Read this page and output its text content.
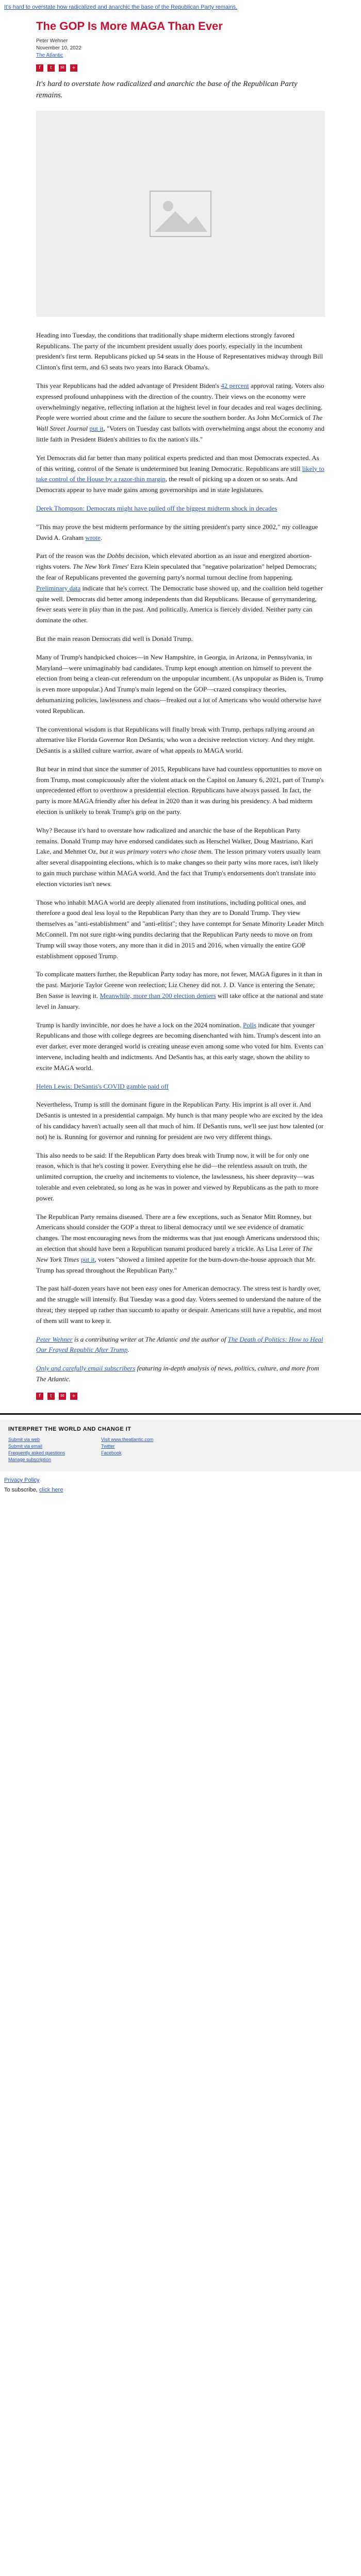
It's hard to overstate how radicalized and anarchic the base of the Republican Party remains.
The GOP Is More MAGA Than Ever
Peter Wehner
November 10, 2022
The Atlantic
f	t	✉	+
It's hard to overstate how radicalized and anarchic the base of the Republican Party remains.

Heading into Tuesday, the conditions that traditionally shape midterm elections strongly favored Republicans. The party of the incumbent president usually does poorly, especially in the incumbent president's first term. Republicans picked up 54 seats in the House of Representatives midway through Bill Clinton's first term, and 63 seats two years into Barack Obama's.

This year Republicans had the added advantage of President Biden's 42 percent approval rating. Voters also expressed profound unhappiness with the direction of the country. Their views on the economy were overwhelmingly negative, reflecting inflation at the highest level in four decades and real wages declining. People were worried about crime and the failure to secure the southern border. As John McCormick of The Wall Street Journal put it, "Voters on Tuesday cast ballots with overwhelming angst about the economy and little faith in President Biden's abilities to fix the nation's ills."

Yet Democrats did far better than many political experts predicted and than most Democrats expected. As of this writing, control of the Senate is undetermined but leaning Democratic. Republicans are still likely to take control of the House by a razor-thin margin, the result of picking up a dozen or so seats. And Democrats appear to have made gains among governorships and in state legislatures.

Derek Thompson: Democrats might have pulled off the biggest midterm shock in decades

"This may prove the best midterm performance by the sitting president's party since 2002," my colleague David A. Graham wrote.

Part of the reason was the Dobbs decision, which elevated abortion as an issue and energized abortion-rights voters. The New York Times' Ezra Klein speculated that "negative polarization" helped Democrats; the fear of Republicans prevented the governing party's normal turnout decline from happening. Preliminary data indicate that he's correct. The Democratic base showed up, and the coalition held together quite well. Democrats did better among independents than did Republicans. Because of gerrymandering, fewer seats were in play than in the past. And politically, America is fiercely divided. Neither party can dominate the other.

But the main reason Democrats did well is Donald Trump.

Many of Trump's handpicked choices—in New Hampshire, in Georgia, in Arizona, in Pennsylvania, in Maryland—were unimaginably bad candidates. Trump kept enough attention on himself to prevent the election from being a clean-cut referendum on the unpopular incumbent. (As unpopular as Biden is, Trump is even more unpopular.) And Trump's main legend on the GOP—crazed conspiracy theories, dehumanizing policies, lawlessness and chaos—freaked out a lot of Americans who would otherwise have voted Republican.

The conventional wisdom is that Republicans will finally break with Trump, perhaps rallying around an alternative like Florida Governor Ron DeSantis, who won a decisive reelection victory. And they might. DeSantis is a skilled culture warrior, aware of what appeals to MAGA world.

But bear in mind that since the summer of 2015, Republicans have had countless opportunities to move on from Trump, most conspicuously after the violent attack on the Capitol on January 6, 2021, part of Trump's unprecedented effort to overthrow a presidential election. Republicans have always passed. In fact, the party is more MAGA friendly after his defeat in 2020 than it was during his presidency. A bad midterm election is unlikely to break Trump's grip on the party.

Why? Because it's hard to overstate how radicalized and anarchic the base of the Republican Party remains. Donald Trump may have endorsed candidates such as Herschel Walker, Doug Mastriano, Kari Lake, and Mehmet Oz, but it was primary voters who chose them. The lesson primary voters usually learn after several disappointing elections, which is to make changes so their party wins more races, isn't likely to gain much purchase within MAGA world. And the fact that Trump's endorsements don't translate into election victories isn't news.

Those who inhabit MAGA world are deeply alienated from institutions, including political ones, and therefore a good deal less loyal to the Republican Party than they are to Donald Trump. They view themselves as "anti-establishment" and "anti-elitist"; they have contempt for Senate Minority Leader Mitch McConnell. I'm not sure right-wing pundits declaring that the Republican Party needs to move on from Trump will sway those voters, any more than it did in 2015 and 2016, when virtually the entire GOP establishment opposed Trump.

To complicate matters further, the Republican Party today has more, not fewer, MAGA figures in it than in the past. Marjorie Taylor Greene won reelection; Liz Cheney did not. J. D. Vance is entering the Senate; Ben Sasse is leaving it. Meanwhile, more than 200 election deniers will take office at the national and state level in January.

Trump is hardly invincible, nor does he have a lock on the 2024 nomination. Polls indicate that younger Republicans and those with college degrees are becoming disenchanted with him. Trump's descent into an ever darker, ever more deranged world is creating unease even among some who voted for him. Events can intervene, including health and indictments. And DeSantis has, at this early stage, shown the ability to excite MAGA world.

Helen Lewis: DeSantis's COVID gamble paid off

Nevertheless, Trump is still the dominant figure in the Republican Party. His imprint is all over it. And DeSantis is untested in a presidential campaign. My hunch is that many people who are excited by the idea of his candidacy haven't actually seen all that much of him. If DeSantis runs, we'll see just how talented (or not) he is. Running for governor and running for president are two very different things.

This also needs to be said: If the Republican Party does break with Trump now, it will be for only one reason, which is that he's costing it power. Everything else he did—the relentless assault on truth, the unlimited corruption, the cruelty and incitements to violence, the lawlessness, his sheer depravity—was tolerable and even celebrated, so long as he was in power and viewed by Republicans as the path to more power.

The Republican Party remains diseased. There are a few exceptions, such as Senator Mitt Romney, but Americans should consider the GOP a threat to liberal democracy until we see evidence of dramatic changes. The most encouraging news from the midterms was that just enough Americans understood this; an election that should have been a Republican tsunami produced barely a trickle. As Lisa Lerer of The New York Times put it, voters "showed a limited appetite for the burn-down-the-house approach that Mr. Trump has spread throughout the Republican Party."

The past half-dozen years have not been easy ones for American democracy. The stress test is hardly over, and the struggle will intensify. But Tuesday was a good day. Voters seemed to understand the nature of the threat; they stepped up rather than succumb to apathy or despair. Americans still have a republic, and most of them still want to keep it.

Peter Wehner is a contributing writer at The Atlantic and the author of The Death of Politics: How to Heal Our Frayed Republic After Trump.

Only and carefully email subscribers featuring in-depth analysis of news, politics, culture, and more from The Atlantic.

f	t	✉	+
INTERPRET THE WORLD AND CHANGE IT
Submit via web
Submit via email
Frequently asked questions
Manage subscription
Visit www.theatlantic.com
Twitter
Facebook
Privacy Policy
To subscribe, click here
